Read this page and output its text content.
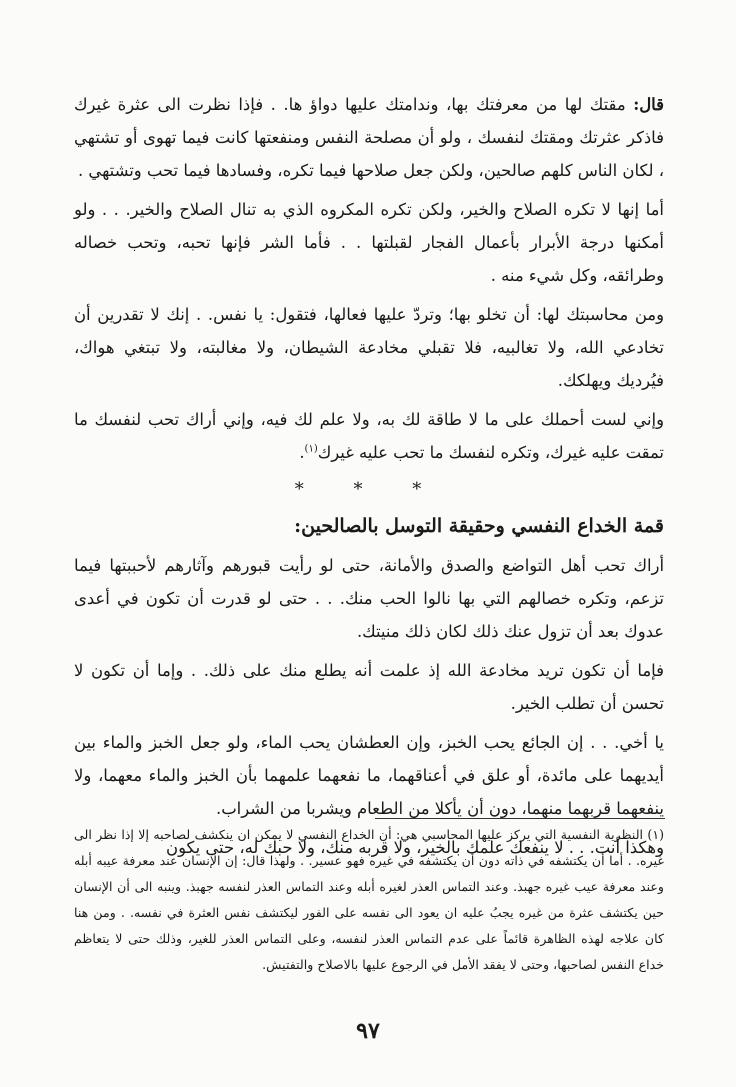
قال: مقتك لها من معرفتك بها، وندامتك عليها دواؤ ها. . فإذا نظرت الى عثرة غيرك فاذكر عثرتك ومقتك لنفسك ، ولو أن مصلحة النفس ومنفعتها كانت فيما تهوى أو تشتهي ، لكان الناس كلهم صالحين، ولكن جعل صلاحها فيما تكره، وفسادها فيما تحب وتشتهي .

أما إنها لا تكره الصلاح والخير، ولكن تكره المكروه الذي به تنال الصلاح والخير. . . ولو أمكنها درجة الأبرار بأعمال الفجار لقبلتها . . فأما الشر فإنها تحبه، وتحب خصاله وطرائقه، وكل شيء منه .

ومن محاسبتك لها: أن تخلو بها؛ وتردّ عليها فعالها، فتقول: يا نفس. . إنك لا تقدرين أن تخادعي الله، ولا تغالبيه، فلا تقبلي مخادعة الشيطان، ولا مغالبته، ولا تبتغي هواك، فيُرديك ويهلكك.

وإني لست أحملك على ما لا طاقة لك به، ولا علم لك فيه، وإني أراك تحب لنفسك ما تمقت عليه غيرك، وتكره لنفسك ما تحب عليه غيرك$^{(١)}$.

* * *
قمة الخداع النفسي وحقيقة التوسل بالصالحين:

أراك تحب أهل التواضع والصدق والأمانة، حتى لو رأيت قبورهم وآثارهم لأحببتها فيما تزعم، وتكره خصالهم التي بها نالوا الحب منك. . . حتى لو قدرت أن تكون في أعدى عدوك بعد أن تزول عنك ذلك لكان ذلك منيتك.

فإما أن تكون تريد مخادعة الله إذ علمت أنه يطلع منك على ذلك. . وإما أن تكون لا تحسن أن تطلب الخير.

يا أخي. . . إن الجائع يحب الخبز، وإن العطشان يحب الماء، ولو جعل الخبز والماء بين أيديهما على مائدة، أو علق في أعناقهما، ما نفعهما علمهما بأن الخبز والماء معهما، ولا ينفعهما قربهما منهما، دون أن يأكلا من الطعام ويشربا من الشراب.

وهكذا أنت. . . لا ينفعك علمك بالخير، ولا قربه منك، ولا حبك له، حتى يكون

(١) النظرية النفسية التي يركز عليها المحاسبي هي: أن الخداع النفسي لا يمكن ان ينكشف لصاحبه إلا إذا نظر الى غيره. . أما أن يكتشفه في ذاته دون أن يكتشفه في غيره فهو عسير. . ولهذا قال: إن الإنسان عند معرفة عيبه أبله وعند معرفة عيب غيره جهبذ. وعند التماس العذر لغيره أبله وعند التماس العذر لنفسه جهبذ. وينبه الى أن الإنسان حين يكتشف عثرة من غيره يجبُ عليه ان يعود الى نفسه على الفور ليكتشف نفس العثرة في نفسه. . ومن هنا كان علاجه لهذه الظاهرة قائماً على عدم التماس العذر لنفسه، وعلى التماس العذر للغير، وذلك حتى لا يتعاظم خداع النفس لصاحبها، وحتى لا يفقد الأمل في الرجوع عليها بالاصلاح والتفتيش.

٩٧
